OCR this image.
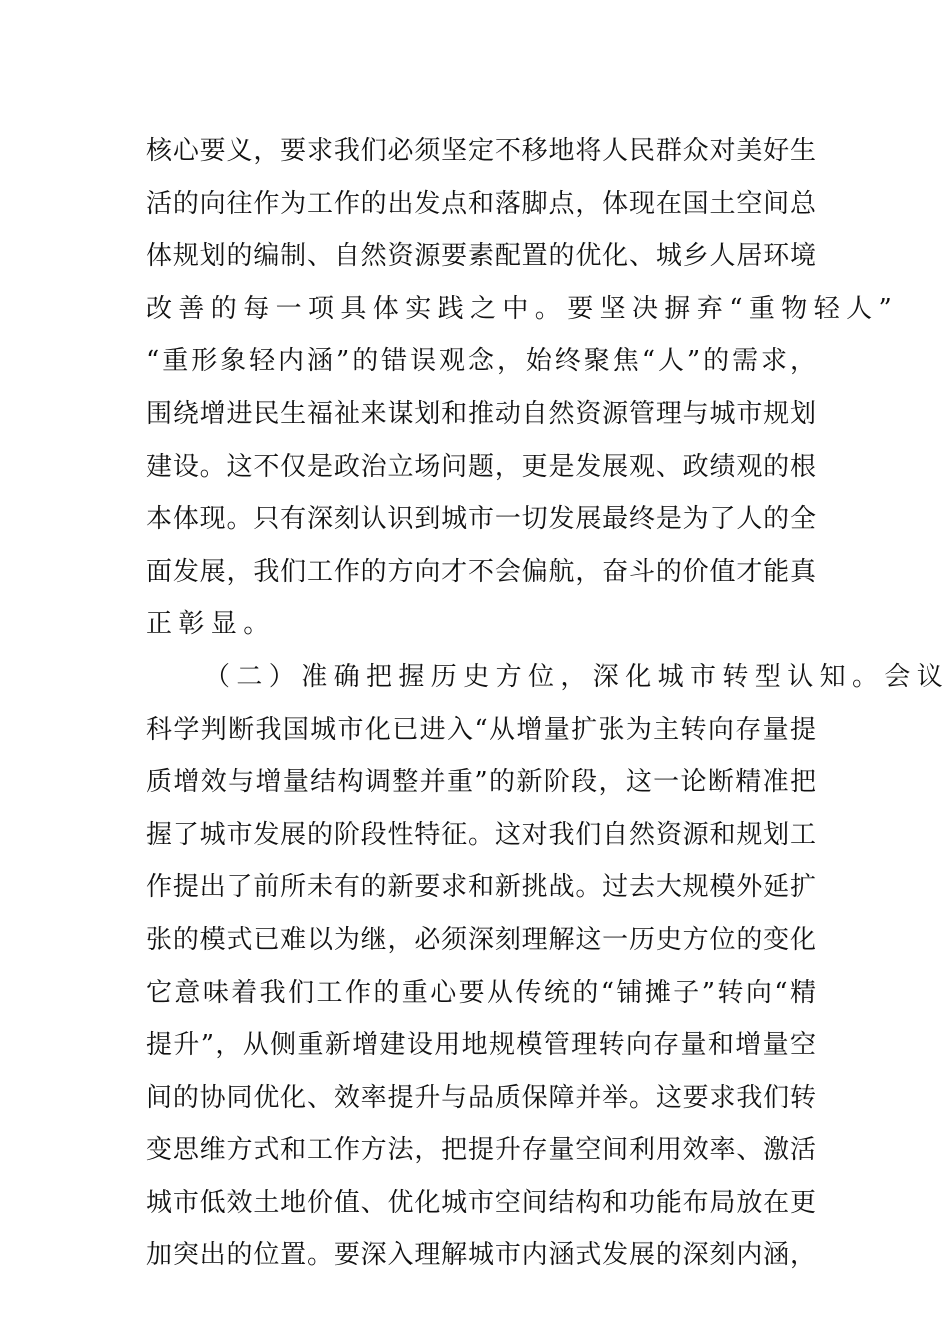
核心要义，要求我们必须坚定不移地将人民群众对美好生
活的向往作为工作的出发点和落脚点，体现在国土空间总
体规划的编制、自然资源要素配置的优化、城乡人居环境
改善的每一项具体实践之中。要坚决摒弃“重物轻人”
“重形象轻内涵”的错误观念，始终聚焦“人”的需求，
围绕增进民生福祉来谋划和推动自然资源管理与城市规划
建设。这不仅是政治立场问题，更是发展观、政绩观的根
本体现。只有深刻认识到城市一切发展最终是为了人的全
面发展，我们工作的方向才不会偏航，奋斗的价值才能真
正彰显。
（二）准确把握历史方位，深化城市转型认知。会议
科学判断我国城市化已进入“从增量扩张为主转向存量提
质增效与增量结构调整并重”的新阶段，这一论断精准把
握了城市发展的阶段性特征。这对我们自然资源和规划工
作提出了前所未有的新要求和新挑战。过去大规模外延扩
张的模式已难以为继，必须深刻理解这一历史方位的变化
它意味着我们工作的重心要从传统的“铺摊子”转向“精
提升”，从侧重新增建设用地规模管理转向存量和增量空
间的协同优化、效率提升与品质保障并举。这要求我们转
变思维方式和工作方法，把提升存量空间利用效率、激活
城市低效土地价值、优化城市空间结构和功能布局放在更
加突出的位置。要深入理解城市内涵式发展的深刻内涵，
